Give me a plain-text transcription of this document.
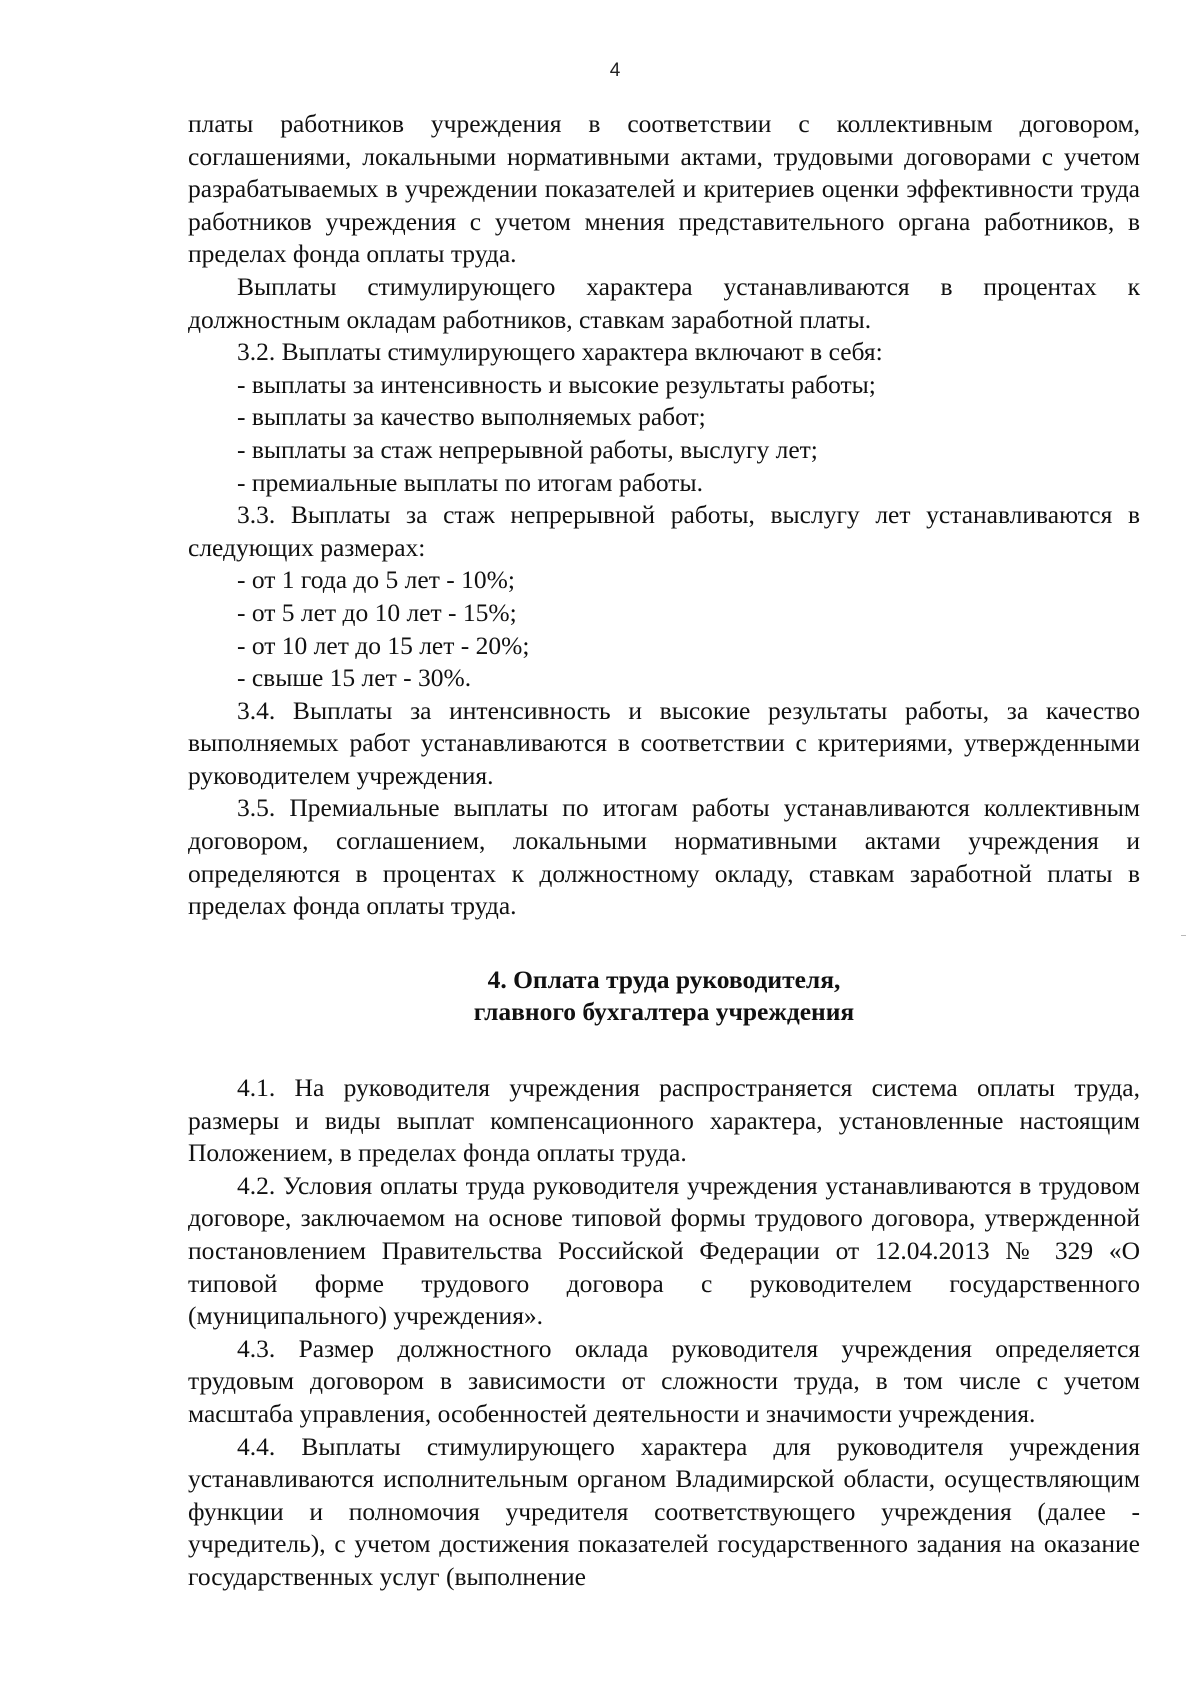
4

платы работников учреждения в соответствии с коллективным договором, соглашениями, локальными нормативными актами, трудовыми договорами с учетом разрабатываемых в учреждении показателей и критериев оценки эффективности труда работников учреждения с учетом мнения представительного органа работников, в пределах фонда оплаты труда.

Выплаты стимулирующего характера устанавливаются в процентах к должностным окладам работников, ставкам заработной платы.

3.2. Выплаты стимулирующего характера включают в себя:

- выплаты за интенсивность и высокие результаты работы;
- выплаты за качество выполняемых работ;
- выплаты за стаж непрерывной работы, выслугу лет;
- премиальные выплаты по итогам работы.

3.3. Выплаты за стаж непрерывной работы, выслугу лет устанавливаются в следующих размерах:

- от 1 года до 5 лет - 10%;
- от 5 лет до 10 лет - 15%;
- от 10 лет до 15 лет - 20%;
- свыше 15 лет - 30%.

3.4. Выплаты за интенсивность и высокие результаты работы, за качество выполняемых работ устанавливаются в соответствии с критериями, утвержденными руководителем учреждения.

3.5. Премиальные выплаты по итогам работы устанавливаются коллективным договором, соглашением, локальными нормативными актами учреждения и определяются в процентах к должностному окладу, ставкам заработной платы в пределах фонда оплаты труда.

4. Оплата труда руководителя,
главного бухгалтера учреждения

4.1. На руководителя учреждения распространяется система оплаты труда, размеры и виды выплат компенсационного характера, установленные настоящим Положением, в пределах фонда оплаты труда.

4.2. Условия оплаты труда руководителя учреждения устанавливаются в трудовом договоре, заключаемом на основе типовой формы трудового договора, утвержденной постановлением Правительства Российской Федерации от 12.04.2013 № 329 «О типовой форме трудового договора с руководителем государственного (муниципального) учреждения».

4.3. Размер должностного оклада руководителя учреждения определяется трудовым договором в зависимости от сложности труда, в том числе с учетом масштаба управления, особенностей деятельности и значимости учреждения.

4.4. Выплаты стимулирующего характера для руководителя учреждения устанавливаются исполнительным органом Владимирской области, осуществляющим функции и полномочия учредителя соответствующего учреждения (далее - учредитель), с учетом достижения показателей государственного задания на оказание государственных услуг (выполнение
